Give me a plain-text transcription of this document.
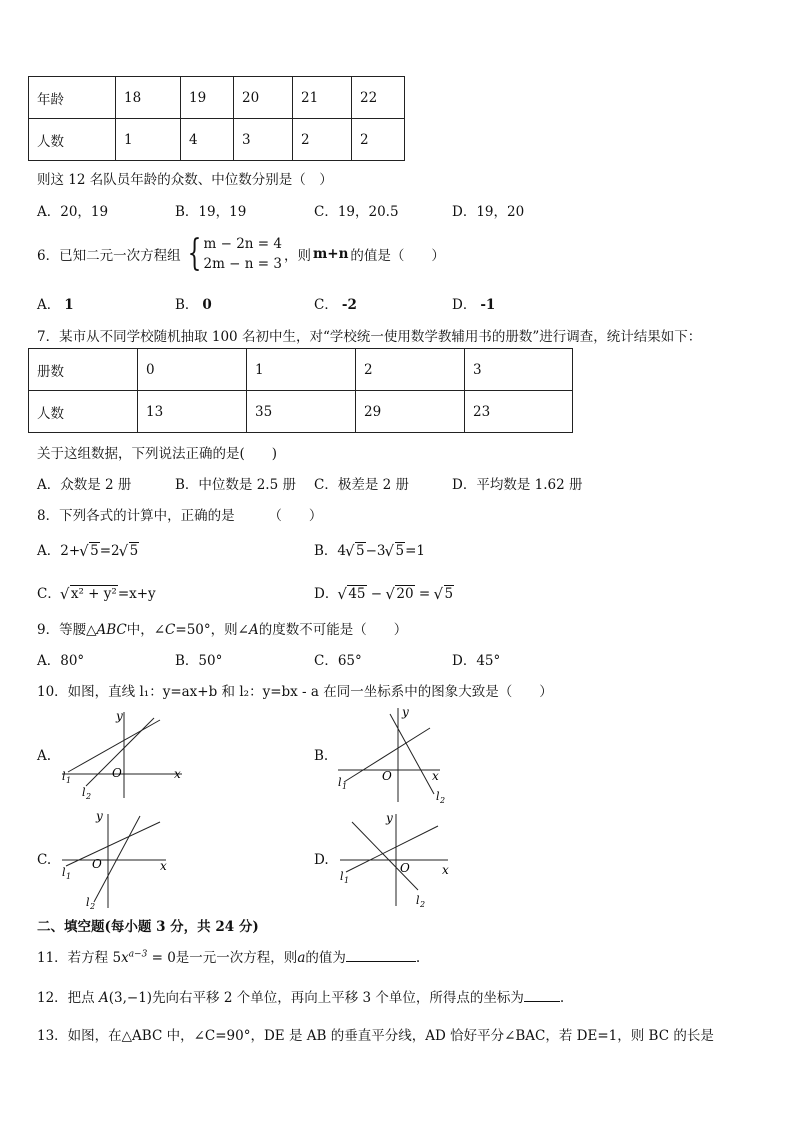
年龄	18	19	20	21	22
人数	1	4	3	2	2
则这 12 名队员年龄的众数、中位数分别是（　）
A．20，19	B．19，19	C．19，20.5	D．19，20
6．已知二元一次方程组 { m − 2n = 4
2m − n = 3 ，则 m+n 的值是（　　）
A． 1	B． 0	C． -2	D． -1
7．某市从不同学校随机抽取 100 名初中生，对“学校统一使用数学教辅用书的册数”进行调查，统计结果如下：
册数	0	1	2	3
人数	13	35	29	23
关于这组数据，下列说法正确的是(　　)
A．众数是 2 册	B．中位数是 2.5 册 C．极差是 2 册	D．平均数是 1.62 册
8．下列各式的计算中，正确的是　　　（　　）
A．2+ √ 5=2 √ 5	B．4 √ 5−3 √ 5=1
C． √ x² + y²=x+y	D． √ 45 − √ 20 = √ 5
9．等腰△ABC中，∠C=50°，则∠A的度数不可能是（　　）
A．80°	B．50°	C．65°	D．45°
10．如图，直线 l₁：y=ax+b 和 l₂：y=bx - a 在同一坐标系中的图象大致是（　　）
A.	B.
C.	D.
y
x
O
l 1
l 2
y
x
O
l 1
l 2
y
x
O
l 1
l 2
y
x
O
l 1
l 2
二、填空题(每小题 3 分，共 24 分)
11．若方程 $5x^{a-3} = 0$是一元一次方程，则a的值为	.
12．把点 A(3,−1)先向右平移 2 个单位，再向上平移 3 个单位，所得点的坐标为	.
13．如图，在△ABC 中，∠C=90°，DE 是 AB 的垂直平分线，AD 恰好平分∠BAC，若 DE=1，则 BC 的长是
